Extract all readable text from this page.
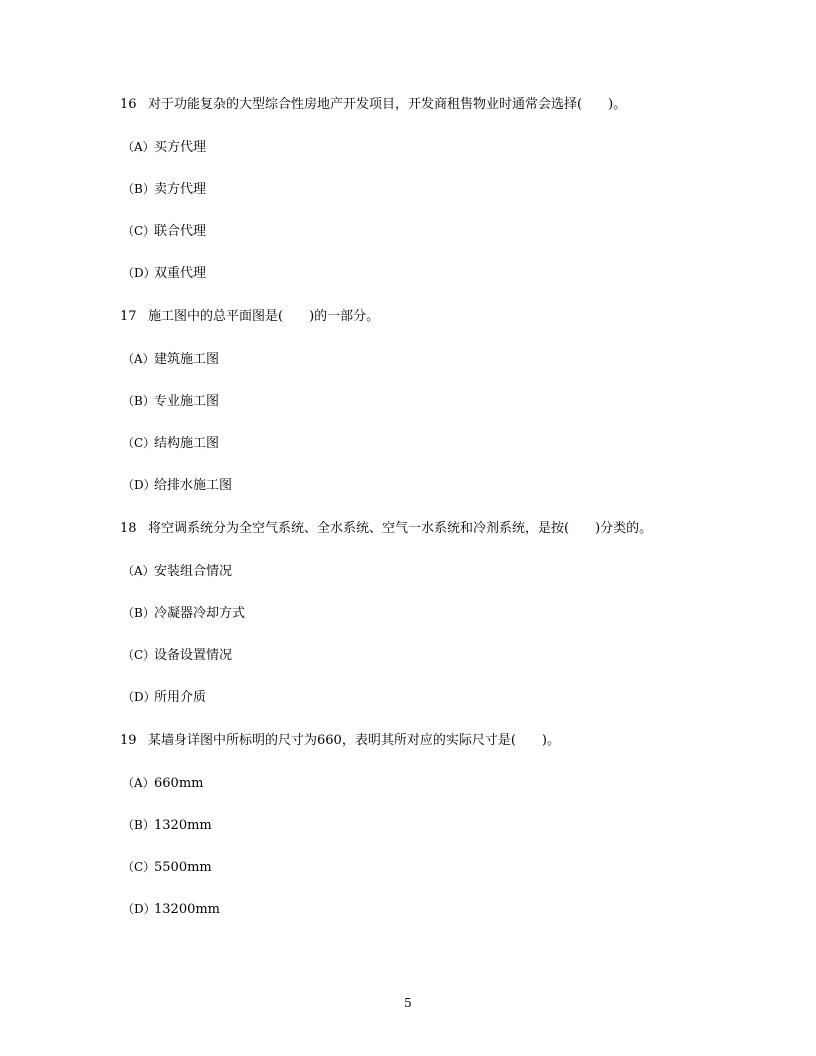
16 对于功能复杂的大型综合性房地产开发项目，开发商租售物业时通常会选择(　　)。
（A）买方代理
（B）卖方代理
（C）联合代理
（D）双重代理
17 施工图中的总平面图是(　　)的一部分。
（A）建筑施工图
（B）专业施工图
（C）结构施工图
（D）给排水施工图
18 将空调系统分为全空气系统、全水系统、空气一水系统和冷剂系统，是按(　　)分类的。
（A）安装组合情况
（B）冷凝器冷却方式
（C）设备设置情况
（D）所用介质
19 某墙身详图中所标明的尺寸为660，表明其所对应的实际尺寸是(　　)。
（A）660mm
（B）1320mm
（C）5500mm
（D）13200mm
5
